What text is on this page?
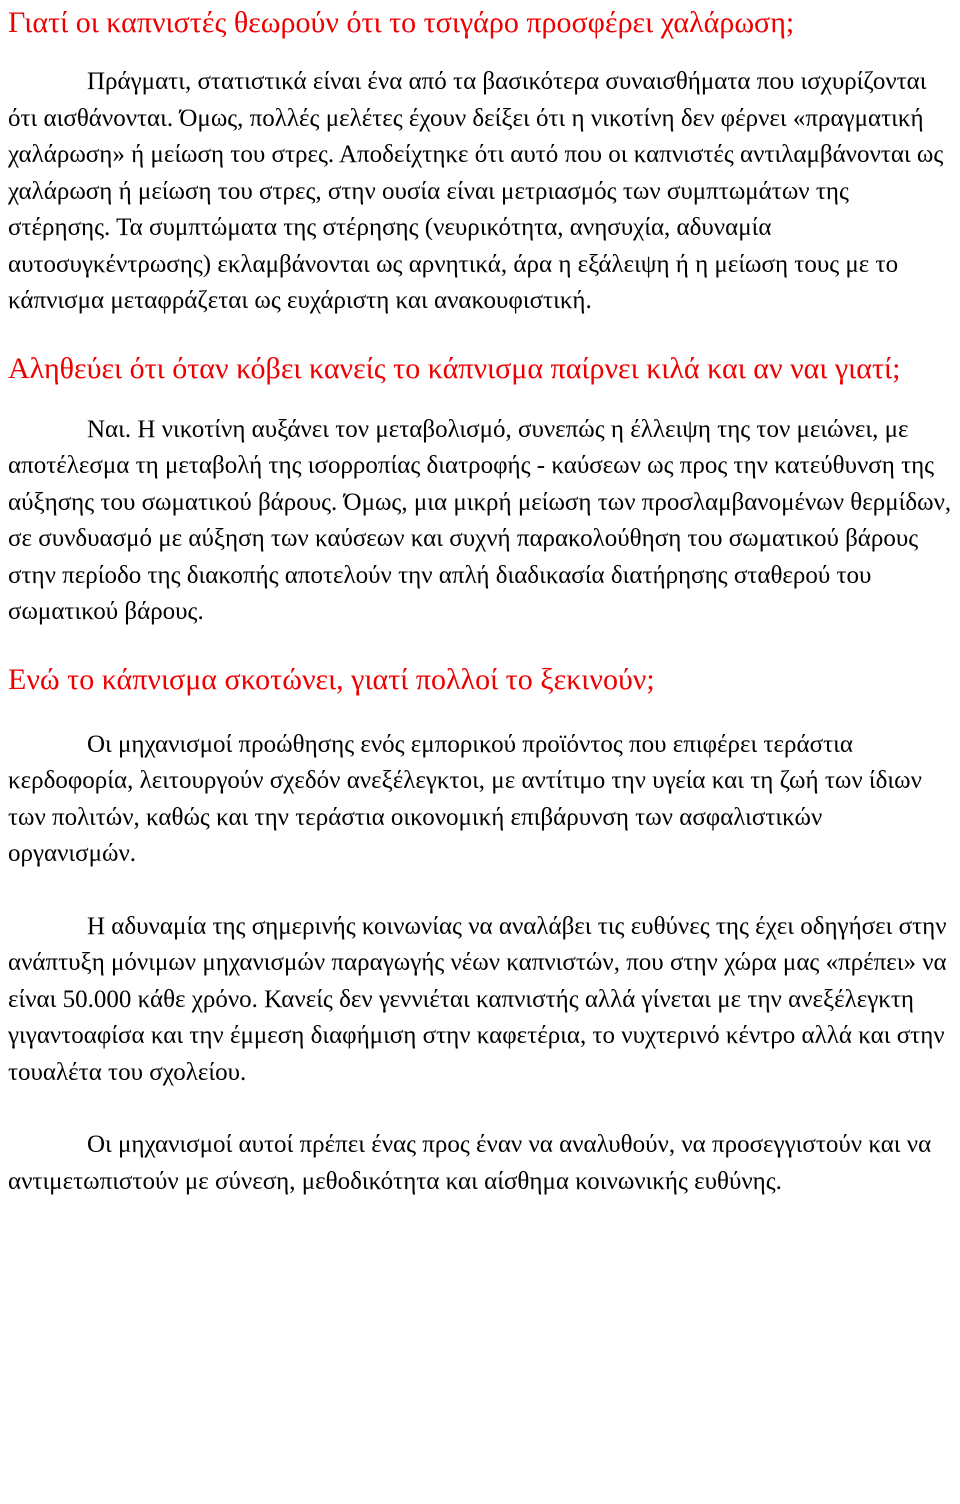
Γιατί οι καπνιστές θεωρούν ότι το τσιγάρο προσφέρει χαλάρωση;

Πράγματι, στατιστικά είναι ένα από τα βασικότερα συναισθήματα που ισχυρίζονται ότι αισθάνονται. Όμως, πολλές μελέτες έχουν δείξει ότι η νικοτίνη δεν φέρνει «πραγματική χαλάρωση» ή μείωση του στρες. Αποδείχτηκε ότι αυτό που οι καπνιστές αντιλαμβάνονται ως χαλάρωση ή μείωση του στρες, στην ουσία είναι μετριασμός των συμπτωμάτων της στέρησης. Τα συμπτώματα της στέρησης (νευρικότητα, ανησυχία, αδυναμία αυτοσυγκέντρωσης) εκλαμβάνονται ως αρνητικά, άρα η εξάλειψη ή η μείωση τους με το κάπνισμα μεταφράζεται ως ευχάριστη και ανακουφιστική.

Αληθεύει ότι όταν κόβει κανείς το κάπνισμα παίρνει κιλά και αν ναι γιατί;

Ναι. Η νικοτίνη αυξάνει τον μεταβολισμό, συνεπώς η έλλειψη της τον μειώνει, με αποτέλεσμα τη μεταβολή της ισορροπίας διατροφής - καύσεων ως προς την κατεύθυνση της αύξησης του σωματικού βάρους. Όμως, μια μικρή μείωση των προσλαμβανομένων θερμίδων, σε συνδυασμό με αύξηση των καύσεων και συχνή παρακολούθηση του σωματικού βάρους στην περίοδο της διακοπής αποτελούν την απλή διαδικασία διατήρησης σταθερού του σωματικού βάρους.

Ενώ το κάπνισμα σκοτώνει, γιατί πολλοί το ξεκινούν;

Οι μηχανισμοί προώθησης ενός εμπορικού προϊόντος που επιφέρει τεράστια κερδοφορία, λειτουργούν σχεδόν ανεξέλεγκτοι, με αντίτιμο την υγεία και τη ζωή των ίδιων των πολιτών, καθώς και την τεράστια οικονομική επιβάρυνση των ασφαλιστικών οργανισμών.

Η αδυναμία της σημερινής κοινωνίας να αναλάβει τις ευθύνες της έχει οδηγήσει στην ανάπτυξη μόνιμων μηχανισμών παραγωγής νέων καπνιστών, που στην χώρα μας «πρέπει» να είναι 50.000 κάθε χρόνο. Κανείς δεν γεννιέται καπνιστής αλλά γίνεται με την ανεξέλεγκτη γιγαντοαφίσα και την έμμεση διαφήμιση στην καφετέρια, το νυχτερινό κέντρο αλλά και στην τουαλέτα του σχολείου.

Οι μηχανισμοί αυτοί πρέπει ένας προς έναν να αναλυθούν, να προσεγγιστούν και να αντιμετωπιστούν με σύνεση, μεθοδικότητα και αίσθημα κοινωνικής ευθύνης.
